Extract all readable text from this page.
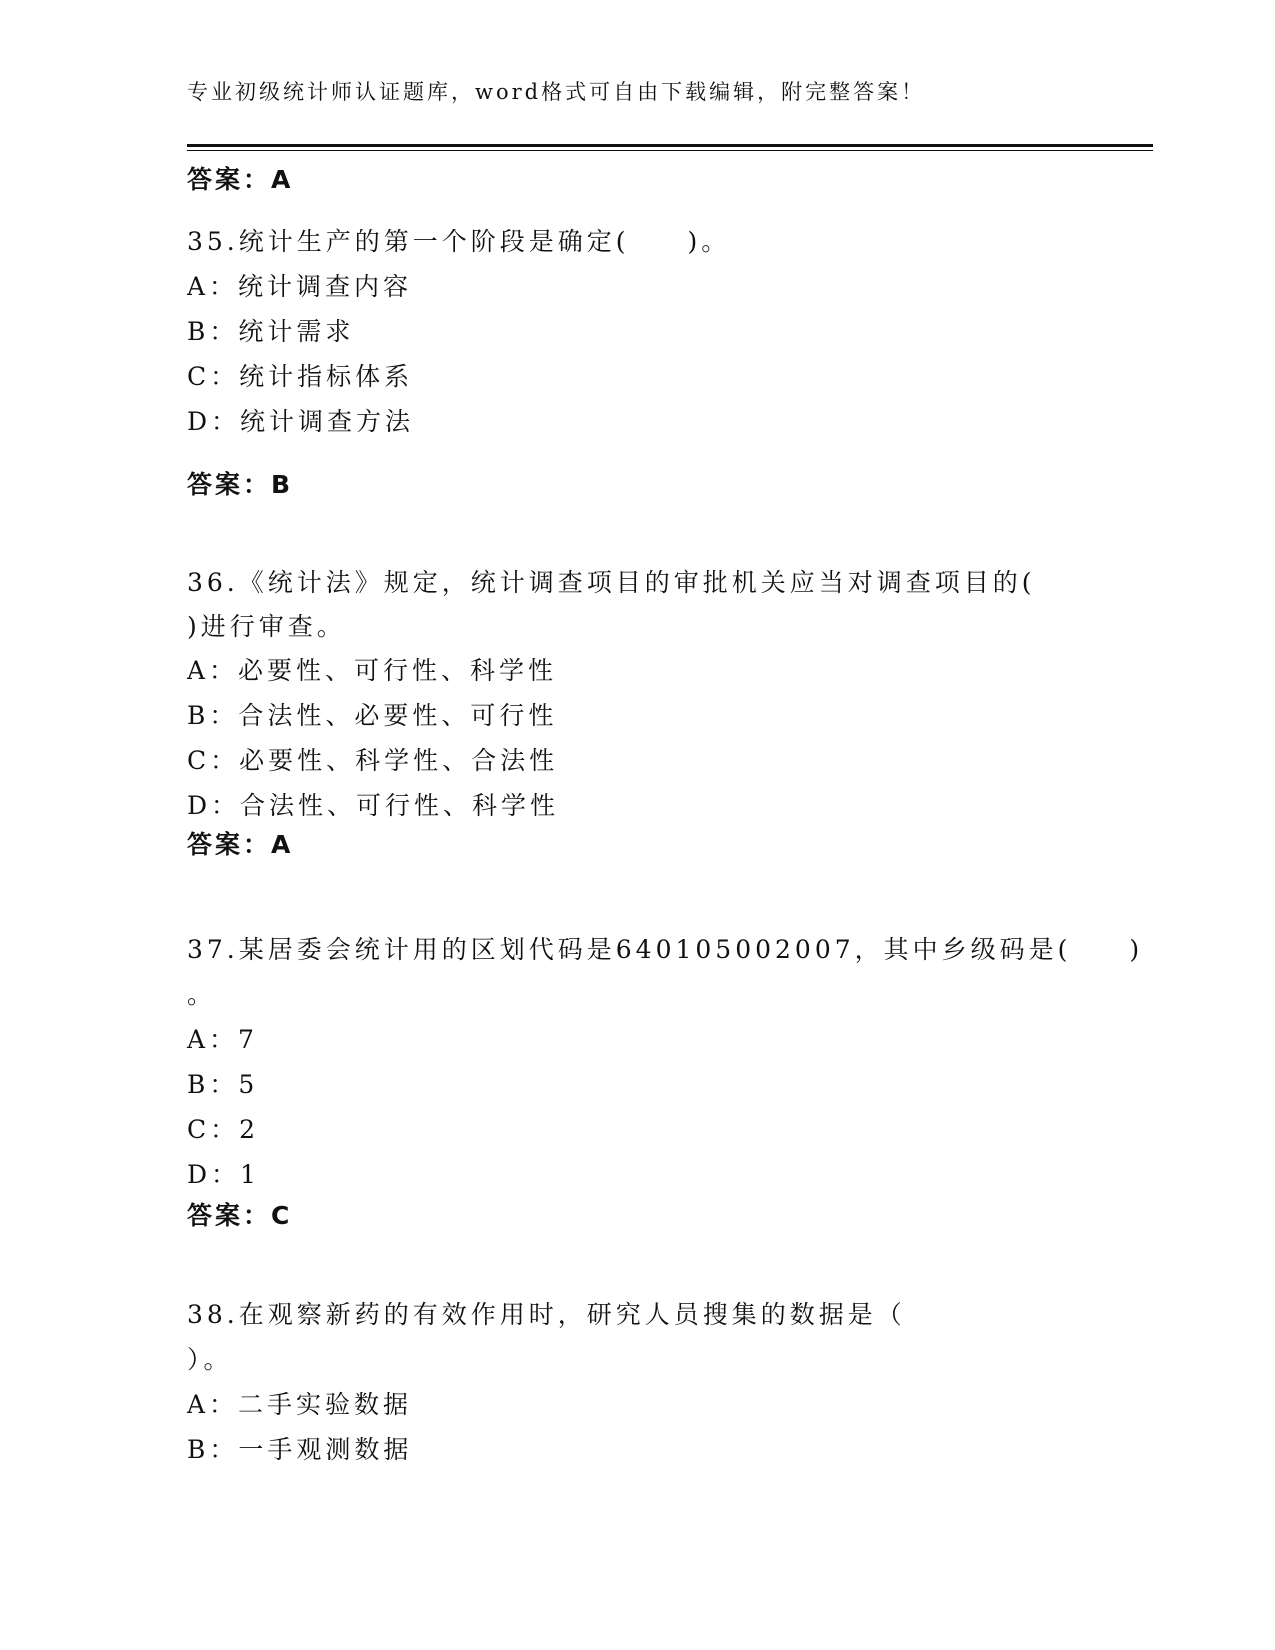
专业初级统计师认证题库，word格式可自由下载编辑，附完整答案！
答案：A
35.统计生产的第一个阶段是确定(　　)。
A：统计调查内容
B：统计需求
C：统计指标体系
D：统计调查方法
答案：B
36.《统计法》规定，统计调查项目的审批机关应当对调查项目的(
)进行审查。
A：必要性、可行性、科学性
B：合法性、必要性、可行性
C：必要性、科学性、合法性
D：合法性、可行性、科学性
答案：A
37.某居委会统计用的区划代码是640105002007，其中乡级码是(　　)
。
A：7
B：5
C：2
D：1
答案：C
38.在观察新药的有效作用时，研究人员搜集的数据是（
）。
A：二手实验数据
B：一手观测数据
